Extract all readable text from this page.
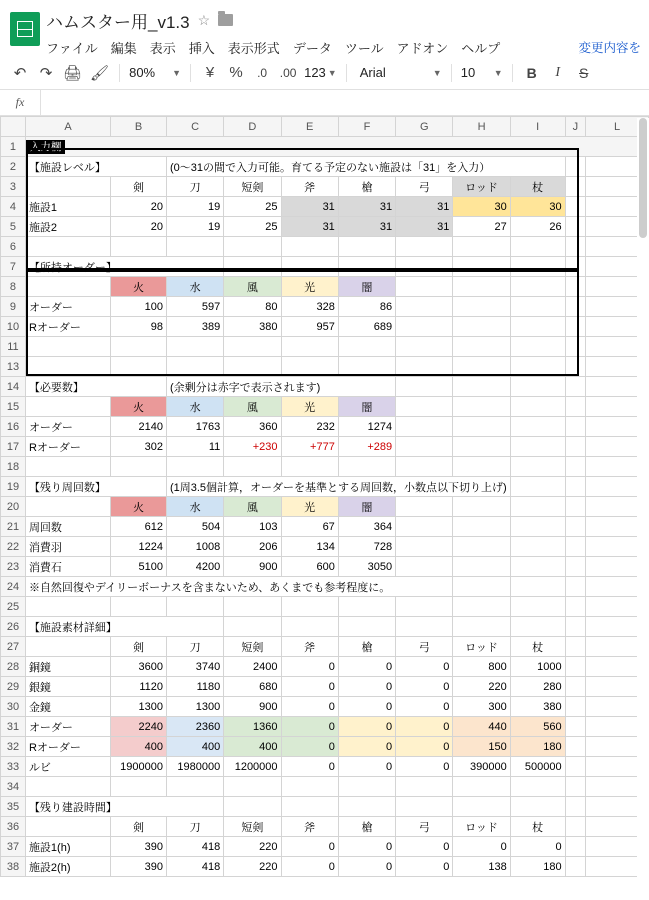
ハムスター用_v1.3 ☆
ファイル 編集 表示 挿入 表示形式 データ ツール アドオン ヘルプ	変更内容を
↶ ↷ 🖨 🖌 80% ▼	¥	%	.0	.00 123 ▼ Arial	▼ 10 ▼	B	I	S
fx
	A	B	C	D	E	F	G	H	I	J	L
1	入力欄										
2	【施設レベル】		(0～31の間で入力可能。育てる予定のない施設は「31」を入力）								
3		剣	刀	短剣	斧	槍	弓	ロッド	杖		
4	施設1	20	19	25	31	31	31	30	30		
5	施設2	20	19	25	31	31	31	27	26		
6											
7	【所持オーダー】										
8		火	水	風	光	闇					
9	オーダー	100	597	80	328	86					
10	Rオーダー	98	389	380	957	689					
11											
13											
14	【必要数】		(余剰分は赤字で表示されます)								
15		火	水	風	光	闇					
16	オーダー	2140	1763	360	232	1274					
17	Rオーダー	302	11	+230	+777	+289					
18											
19	【残り周回数】		(1周3.5個計算，オーダーを基準とする周回数，小数点以下切り上げ)								
20		火	水	風	光	闇					
21	周回数	612	504	103	67	364					
22	消費羽	1224	1008	206	134	728					
23	消費石	5100	4200	900	600	3050					
24	※自然回復やデイリーボーナスを含まないため、あくまでも参考程度に。										
25											
26	【施設素材詳細】										
27		剣	刀	短剣	斧	槍	弓	ロッド	杖		
28	銅鏡	3600	3740	2400	0	0	0	800	1000		
29	銀鏡	1120	1180	680	0	0	0	220	280		
30	金鏡	1300	1300	900	0	0	0	300	380		
31	オーダー	2240	2360	1360	0	0	0	440	560		
32	Rオーダー	400	400	400	0	0	0	150	180		
33	ルビ	1900000	1980000	1200000	0	0	0	390000	500000		
34											
35	【残り建設時間】										
36		剣	刀	短剣	斧	槍	弓	ロッド	杖		
37	施設1(h)	390	418	220	0	0	0	0	0		
38	施設2(h)	390	418	220	0	0	0	138	180		
